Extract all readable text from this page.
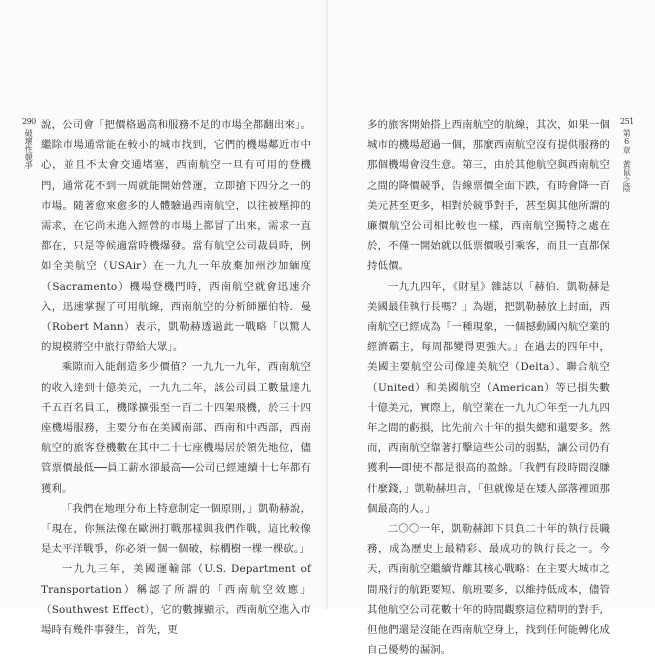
290
破壞性競爭

說，公司會「把價格過高和服務不足的市場全都翻出來」。繼除市場通常能在較小的城市找到，它們的機場鄰近市中心，並且不太會交通堵塞，西南航空一旦有可用的登機門，通常花不到一周就能開始營運，立即搶下四分之一的市場。隨著愈來愈多的人體驗過西南航空，以往被壓抑的需求，在它尚未進入經營的市場上都冒了出來，需求一直都在，只是等候適當時機爆發。當有航空公司裁員時，例如全美航空（USAir）在一九九一年放棄加州沙加緬度（Sacramento）機場登機門時，西南航空就會迅速介入，迅速掌握了可用航線，西南航空的分析師羅伯特．曼（Robert Mann）表示，凱勒赫透過此一戰略「以驚人的規模將空中旅行帶給大眾」。

乘隙而入能創造多少價值？一九九一九年，西南航空的收入達到十億美元，一九九二年，該公司員工數量達九千五百名員工，機隊擴張至一百二十四架飛機，於三十四座機場服務，主要分布在美國南部、西南和中西部，西南航空的旅客登機數在其中二十七座機場居於領先地位，儘管票價最低──員工薪水卻最高──公司已經連續十七年都有獲利。

「我們在地理分布上特意制定一個原則，」凱勒赫說，「現在，你無法像在歐洲打戰那樣與我們作戰，這比較像是太平洋戰爭，你必須一個一個破，棕櫚樹一棵一棵砍。」

一九九三年，美國運輸部（U.S. Department of Transportation）稱認了所謂的「西南航空效應」（Southwest Effect），它的數據顯示，西南航空進入市場時有幾件事發生，首先，更

多的旅客開始搭上西南航空的航線，其次，如果一個城市的機場超過一個，那麼西南航空沒有提供服務的那個機場會沒生意。第三，由於其他航空與西南航空之間的降價競爭，告線票價全面下跌，有時會降一百美元甚至更多，相對於競爭對手，甚至與其他所謂的廉價航空公司相比較也一樣，西南航空獨特之處在於，不僅一開始就以低票價吸引乘客，而且一直都保持低價。

一九九四年，《財星》雜誌以「赫伯．凱勒赫是美國最佳執行長嗎？」為題，把凱勒赫放上封面，西南航空已經成為「一種現象，一個撼動國內航空業的經濟霸主，每周都變得更強大。」在過去的四年中，美國主要航空公司像達美航空（Delta）、聯合航空（United）和美國航空（American）等已損失數十億美元，實際上，航空業在一九九〇年至一九九四年之間的虧損，比先前六十年的損失總和還要多。然而，西南航空靠著打擊這些公司的弱點，讓公司仍有獲利──即使不都是很高的盈餘。「我們有段時間沒賺什麼錢，」凱勒赫坦言，「但就像是在矮人部落裡頭那個最高的人。」

二〇〇一年，凱勒赫卸下貝負二十年的執行長職務，成為歷史上最精彩、最成功的執行長之一。今天，西南航空繼續背離其核心戰略：在主要大城市之間飛行的航距要短、航班要多，以維持低成本，儘管其他航空公司花數十年的時間觀察這位精明的對手，但他們還是沒能在西南航空身上，找到任何能轉化成自己優勢的漏洞。

251
第6章
黃鼠之陰
